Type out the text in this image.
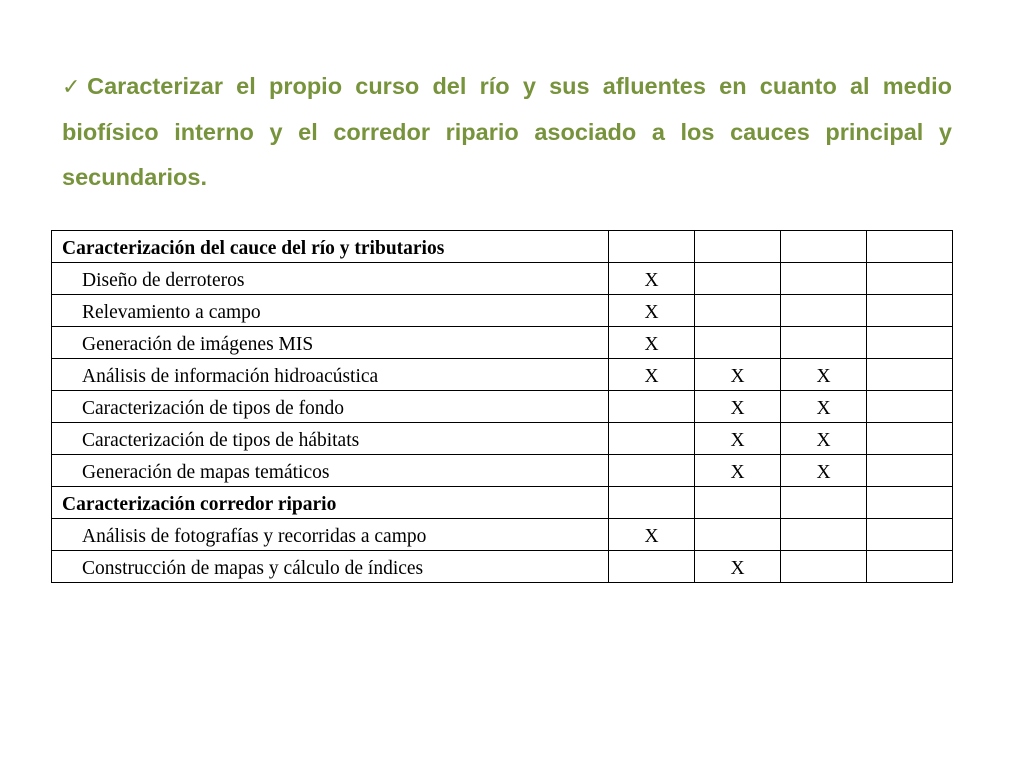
✓Caracterizar el propio curso del río y sus afluentes en cuanto al medio biofísico interno y el corredor ripario asociado a los cauces principal y secundarios.
Caracterización del cauce del río y tributarios				
Diseño de derroteros	X			
Relevamiento a campo	X			
Generación de imágenes MIS	X			
Análisis de información hidroacústica	X	X	X	
Caracterización de tipos de fondo		X	X	
Caracterización de tipos de hábitats		X	X	
Generación de mapas temáticos		X	X	
Caracterización corredor ripario				
Análisis de fotografías y recorridas a campo	X			
Construcción de mapas y cálculo de índices		X		
